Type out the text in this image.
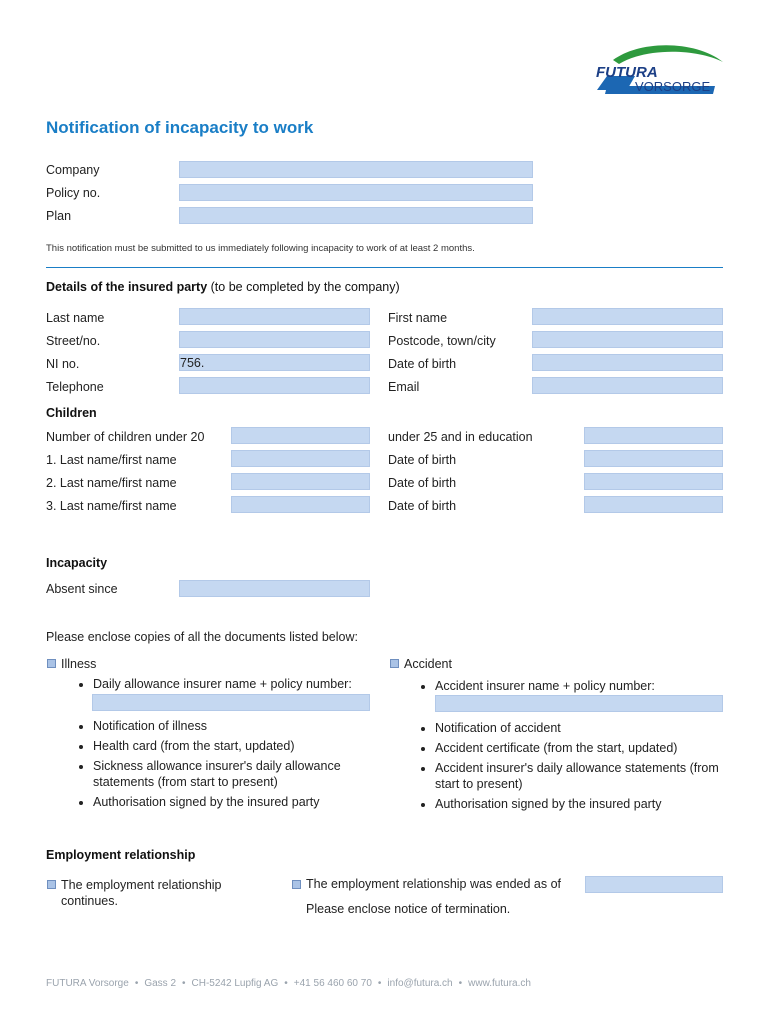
FUTURA
VORSORGE
Notification of incapacity to work
Company
Policy no.
Plan
This notification must be submitted to us immediately following incapacity to work of at least 2 months.
Details of the insured party (to be completed by the company)
Last name	First name
Street/no.	Postcode, town/city
NI no.	756.	Date of birth
Telephone	Email
Children
Number of children under 20	under 25 and in education
1. Last name/first name	Date of birth
2. Last name/first name	Date of birth
3. Last name/first name	Date of birth
Incapacity
Absent since
Please enclose copies of all the documents listed below:
Illness
• Daily allowance insurer name + policy number:
• Notification of illness
• Health card (from the start, updated)
• Sickness allowance insurer's daily allowance statements (from start to present)
• Authorisation signed by the insured party
Accident
• Accident insurer name + policy number:
• Notification of accident
• Accident certificate (from the start, updated)
• Accident insurer's daily allowance statements (from start to present)
• Authorisation signed by the insured party
Employment relationship
The employment relationship continues.
The employment relationship was ended as of
Please enclose notice of termination.
FUTURA Vorsorge • Gass 2 • CH-5242 Lupfig AG • +41 56 460 60 70 • info@futura.ch • www.futura.ch
